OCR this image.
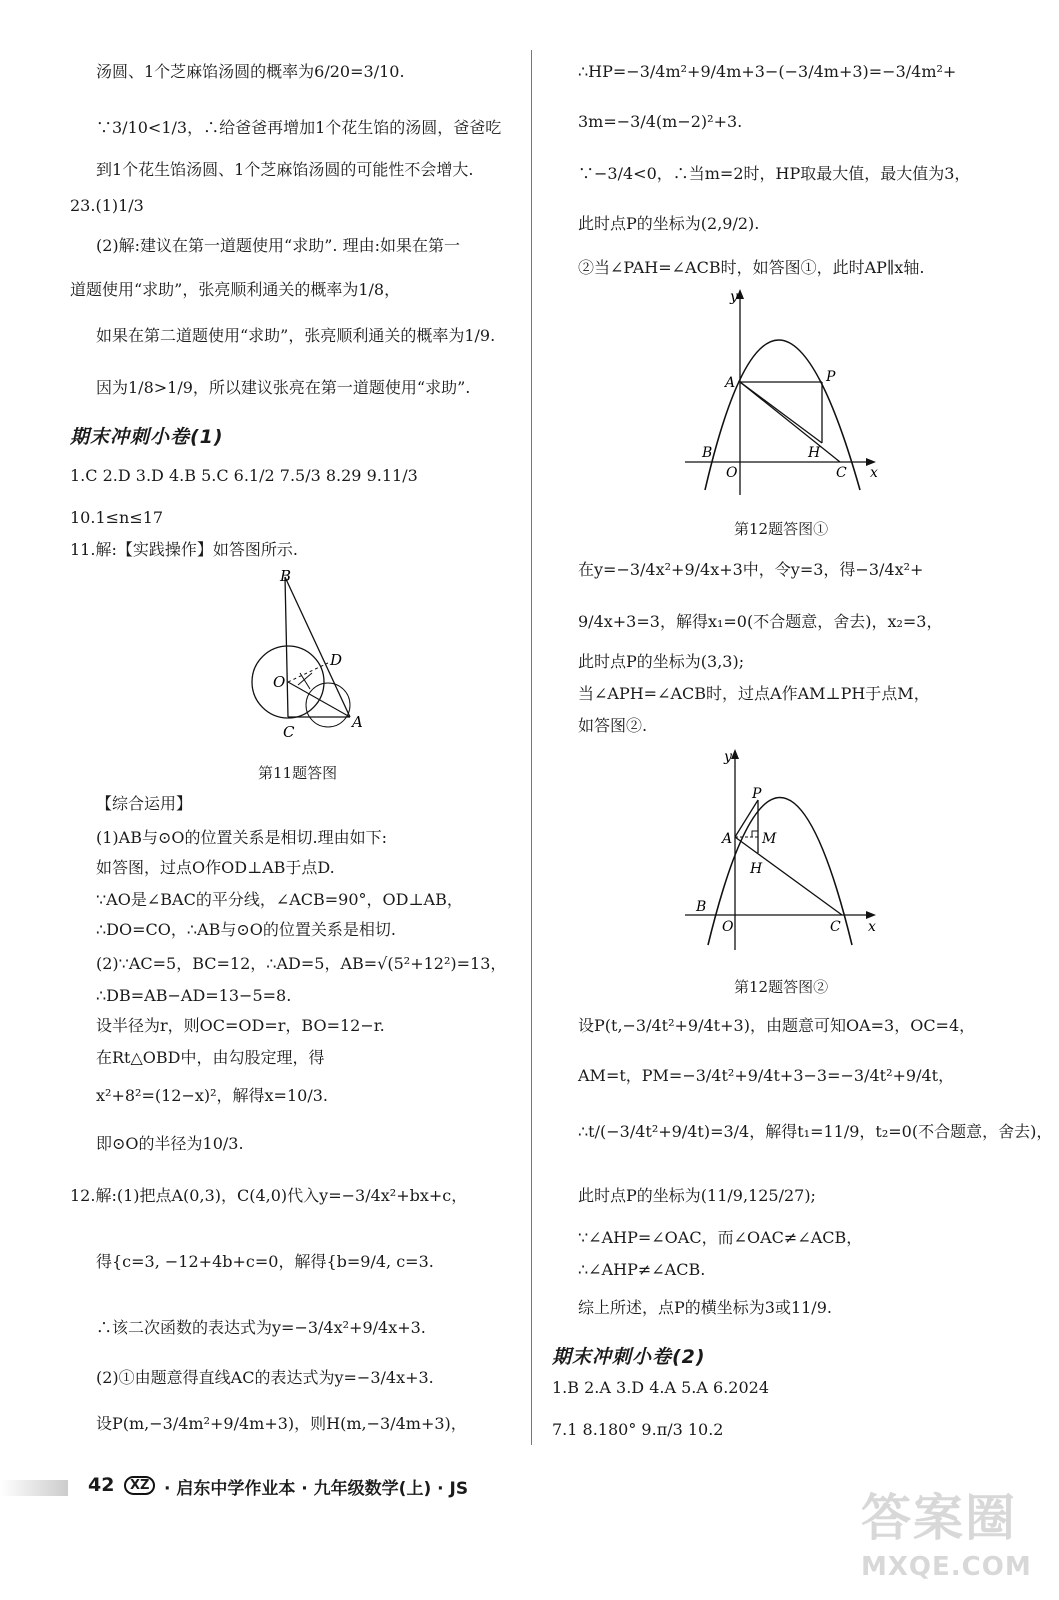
汤圆、1个芝麻馅汤圆的概率为6/20=3/10.
∵3/10<1/3，∴给爸爸再增加1个花生馅的汤圆，爸爸吃
到1个花生馅汤圆、1个芝麻馅汤圆的可能性不会增大.
23.(1)1/3
(2)解:建议在第一道题使用“求助”. 理由:如果在第一
道题使用“求助”，张亮顺利通关的概率为1/8，
如果在第二道题使用“求助”，张亮顺利通关的概率为1/9.
因为1/8>1/9，所以建议张亮在第一道题使用“求助”.
期末冲刺小卷(1)
1.C 2.D 3.D 4.B 5.C 6.1/2 7.5/3 8.29 9.11/3
10.1≤n≤17
11.解:【实践操作】如答图所示.
B
D
O
C
A
第11题答图
【综合运用】
(1)AB与⊙O的位置关系是相切.理由如下:
如答图，过点O作OD⊥AB于点D.
∵AO是∠BAC的平分线，∠ACB=90°，OD⊥AB，
∴DO=CO，∴AB与⊙O的位置关系是相切.
(2)∵AC=5，BC=12，∴AD=5，AB=√(5²+12²)=13，
∴DB=AB−AD=13−5=8.
设半径为r，则OC=OD=r，BO=12−r.
在Rt△OBD中，由勾股定理，得
x²+8²=(12−x)²，解得x=10/3.
即⊙O的半径为10/3.
12.解:(1)把点A(0,3)，C(4,0)代入y=−3/4x²+bx+c，
得{c=3, −12+4b+c=0，解得{b=9/4, c=3.
∴该二次函数的表达式为y=−3/4x²+9/4x+3.
(2)①由题意得直线AC的表达式为y=−3/4x+3.
设P(m,−3/4m²+9/4m+3)，则H(m,−3/4m+3)，
∴HP=−3/4m²+9/4m+3−(−3/4m+3)=−3/4m²+
3m=−3/4(m−2)²+3.
∵−3/4<0，∴当m=2时，HP取最大值，最大值为3，
此时点P的坐标为(2,9/2).
②当∠PAH=∠ACB时，如答图①，此时AP∥x轴.
y
x
A	P
H
B
O	C
第12题答图①
在y=−3/4x²+9/4x+3中，令y=3，得−3/4x²+
9/4x+3=3，解得x₁=0(不合题意，舍去)，x₂=3，
此时点P的坐标为(3,3);
当∠APH=∠ACB时，过点A作AM⊥PH于点M，
如答图②.
y
x
A
P
M
H
B
O	C
第12题答图②
设P(t,−3/4t²+9/4t+3)，由题意可知OA=3，OC=4，
AM=t，PM=−3/4t²+9/4t+3−3=−3/4t²+9/4t，
∴t/(−3/4t²+9/4t)=3/4，解得t₁=11/9，t₂=0(不合题意，舍去)，
此时点P的坐标为(11/9,125/27);
∵∠AHP=∠OAC，而∠OAC≠∠ACB，
∴∠AHP≠∠ACB.
综上所述，点P的横坐标为3或11/9.
期末冲刺小卷(2)
1.B 2.A 3.D 4.A 5.A 6.2024
7.1 8.180° 9.π/3 10.2
42	XZ · 启东中学作业本 · 九年级数学(上) · JS	答案圈
MXQE.COM
